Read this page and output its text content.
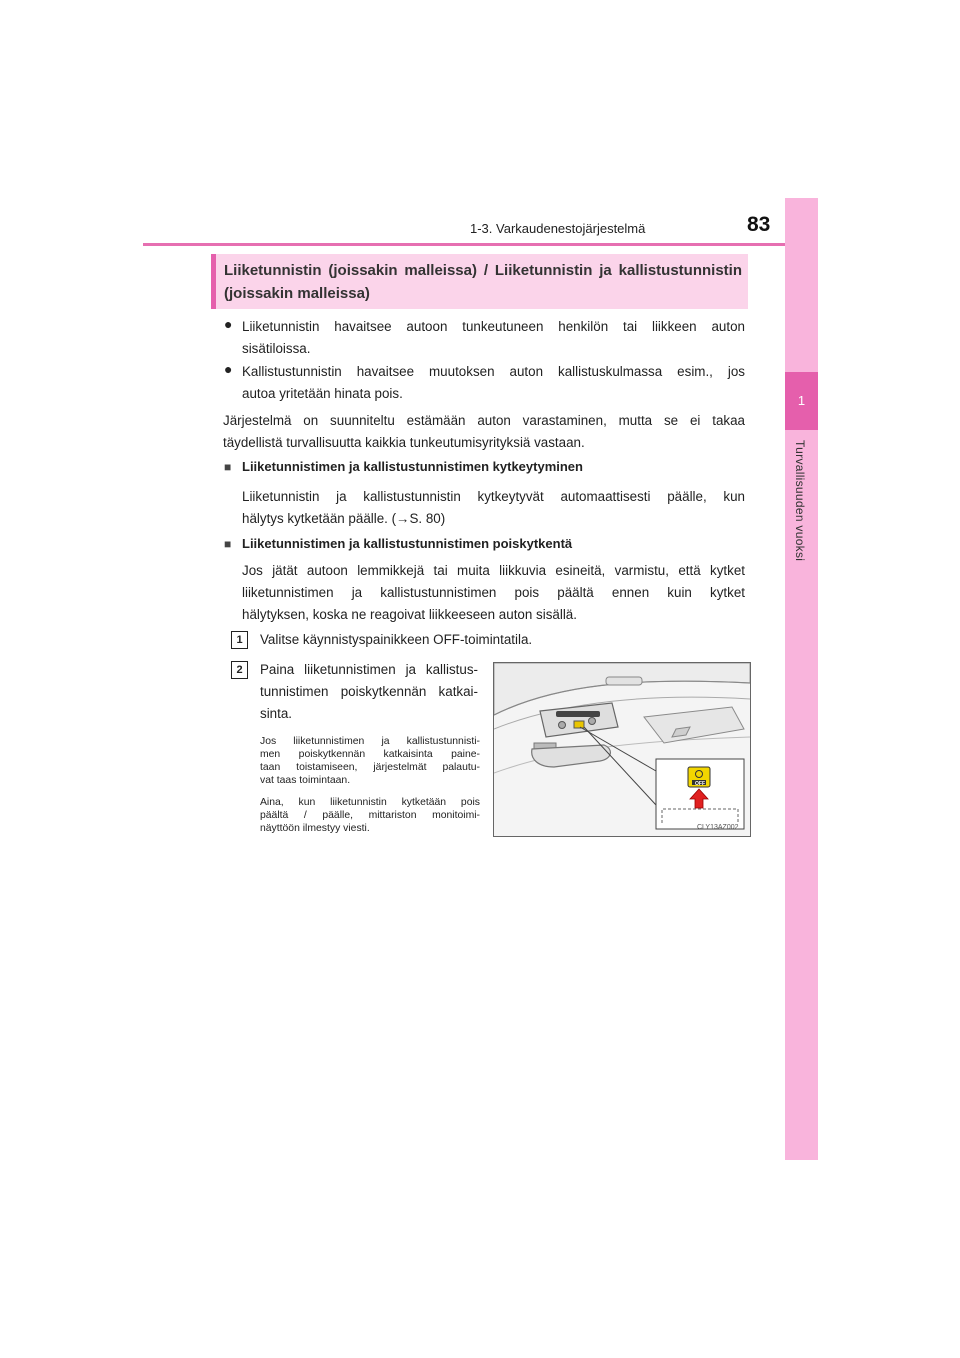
1-3. Varkaudenestojärjestelmä	83
1
Turvallisuuden vuoksi
Liiketunnistin (joissakin malleissa) / Liiketunnistin ja kallistustunnistin
(joissakin malleissa)
● Liiketunnistin havaitsee autoon tunkeutuneen henkilön tai liikkeen auton
sisätiloissa.
● Kallistustunnistin havaitsee muutoksen auton kallistuskulmassa esim., jos
autoa yritetään hinata pois.
Järjestelmä on suunniteltu estämään auton varastaminen, mutta se ei takaa
täydellistä turvallisuutta kaikkia tunkeutumisyrityksiä vastaan.
■ Liiketunnistimen ja kallistustunnistimen kytkeytyminen
Liiketunnistin ja kallistustunnistin kytkeytyvät automaattisesti päälle, kun
hälytys kytketään päälle. (→S. 80)
■ Liiketunnistimen ja kallistustunnistimen poiskytkentä
Jos jätät autoon lemmikkejä tai muita liikkuvia esineitä, varmistu, että kytket
liiketunnistimen ja kallistustunnistimen pois päältä ennen kuin kytket
hälytyksen, koska ne reagoivat liikkeeseen auton sisällä.
1	Valitse käynnistyspainikkeen OFF-toimintatila.
2	Paina liiketunnistimen ja kallistus-
tunnistimen poiskytkennän katkai-
sinta.
Jos liiketunnistimen ja kallistustunnisti-
men poiskytkennän katkaisinta paine-
taan toistamiseen, järjestelmät palautu-
vat taas toimintaan.
Aina, kun liiketunnistin kytketään pois
päältä / päälle, mittariston monitoimi-
näyttöön ilmestyy viesti.
OFF
CLY13AZ002
